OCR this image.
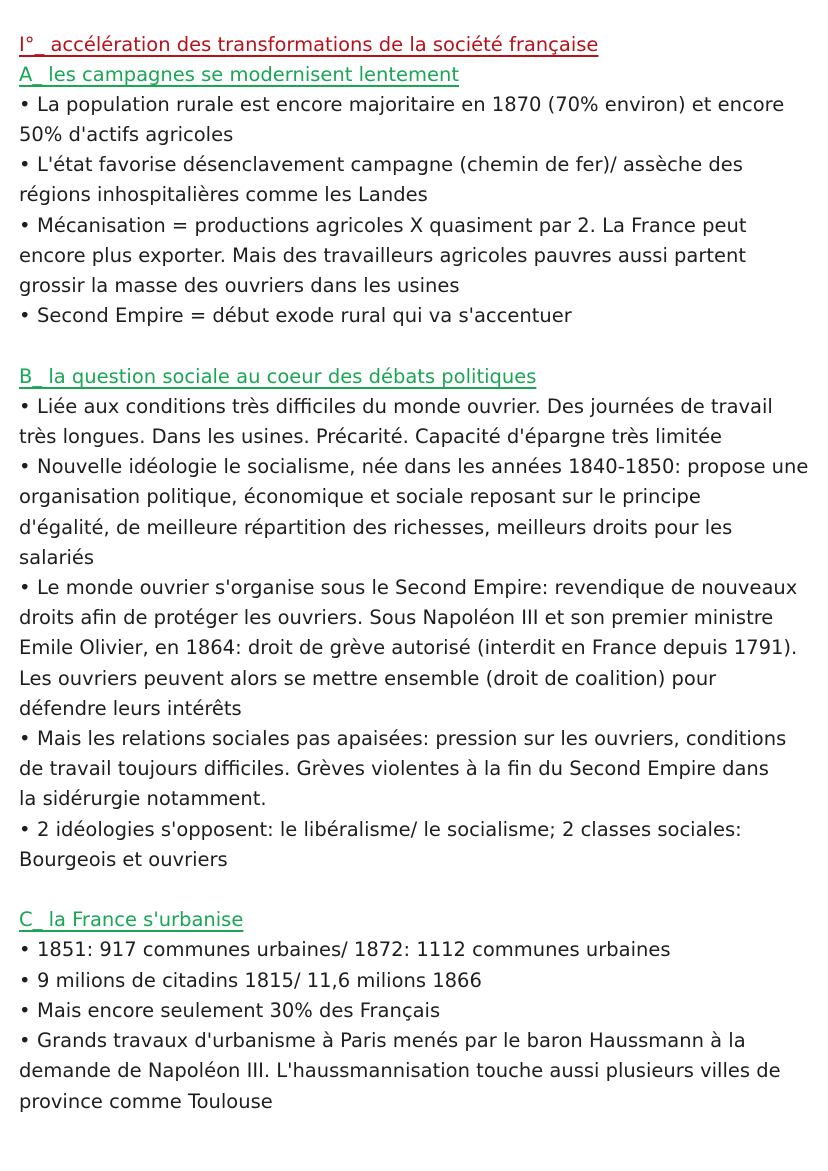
I°_ accélération des transformations de la société française
A_ les campagnes se modernisent lentement
• La population rurale est encore majoritaire en 1870 (70% environ) et encore
50% d'actifs agricoles
• L'état favorise désenclavement campagne (chemin de fer)/ assèche des
régions inhospitalières comme les Landes
• Mécanisation = productions agricoles X quasiment par 2. La France peut
encore plus exporter. Mais des travailleurs agricoles pauvres aussi partent
grossir la masse des ouvriers dans les usines
• Second Empire = début exode rural qui va s'accentuer
B_ la question sociale au coeur des débats politiques
• Liée aux conditions très difficiles du monde ouvrier. Des journées de travail
très longues. Dans les usines. Précarité. Capacité d'épargne très limitée
• Nouvelle idéologie le socialisme, née dans les années 1840-1850: propose une
organisation politique, économique et sociale reposant sur le principe
d'égalité, de meilleure répartition des richesses, meilleurs droits pour les
salariés
• Le monde ouvrier s'organise sous le Second Empire: revendique de nouveaux
droits afin de protéger les ouvriers. Sous Napoléon III et son premier ministre
Emile Olivier, en 1864: droit de grève autorisé (interdit en France depuis 1791).
Les ouvriers peuvent alors se mettre ensemble (droit de coalition) pour
défendre leurs intérêts
• Mais les relations sociales pas apaisées: pression sur les ouvriers, conditions
de travail toujours difficiles. Grèves violentes à la fin du Second Empire dans
la sidérurgie notamment.
• 2 idéologies s'opposent: le libéralisme/ le socialisme; 2 classes sociales:
Bourgeois et ouvriers
C_ la France s'urbanise
• 1851: 917 communes urbaines/ 1872: 1112 communes urbaines
• 9 milions de citadins 1815/ 11,6 milions 1866
• Mais encore seulement 30% des Français
• Grands travaux d'urbanisme à Paris menés par le baron Haussmann à la
demande de Napoléon III. L'haussmannisation touche aussi plusieurs villes de
province comme Toulouse
